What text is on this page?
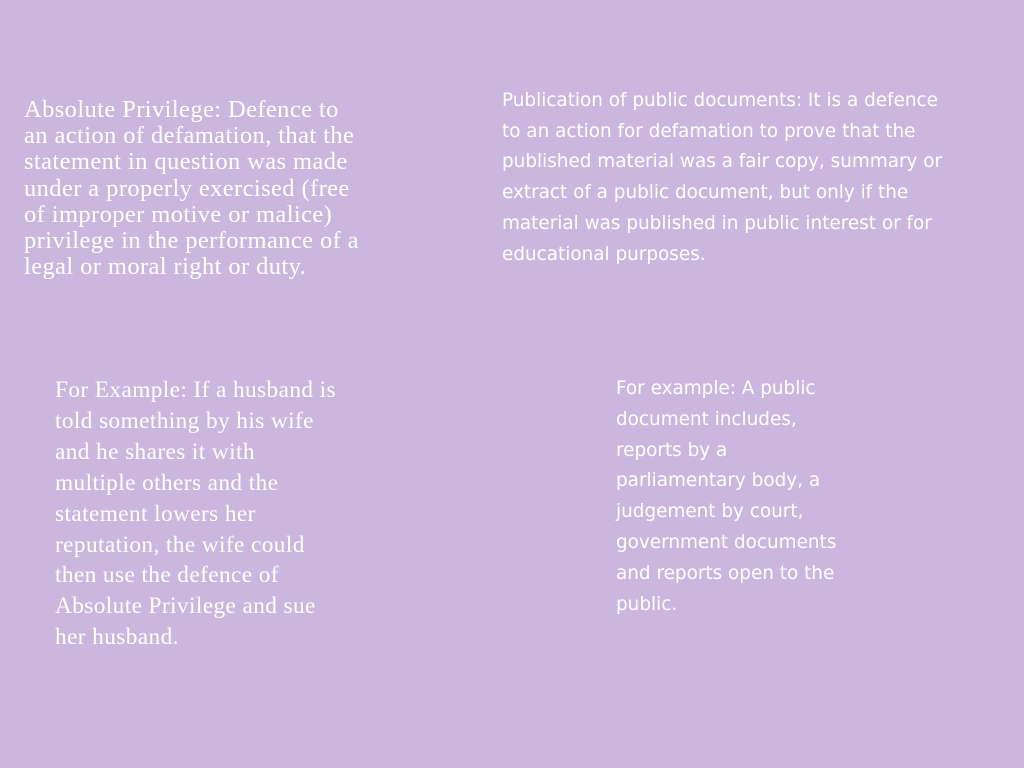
Absolute Privilege: Defence to
an action of defamation, that the
statement in question was made
under a properly exercised (free
of improper motive or malice)
privilege in the performance of a
legal or moral right or duty.

Publication of public documents: It is a defence
to an action for defamation to prove that the
published material was a fair copy, summary or
extract of a public document, but only if the
material was published in public interest or for
educational purposes.

For Example: If a husband is
told something by his wife
and he shares it with
multiple others and the
statement lowers her
reputation, the wife could
then use the defence of
Absolute Privilege and sue
her husband.

For example: A public
document includes,
reports by a
parliamentary body, a
judgement by court,
government documents
and reports open to the
public.
